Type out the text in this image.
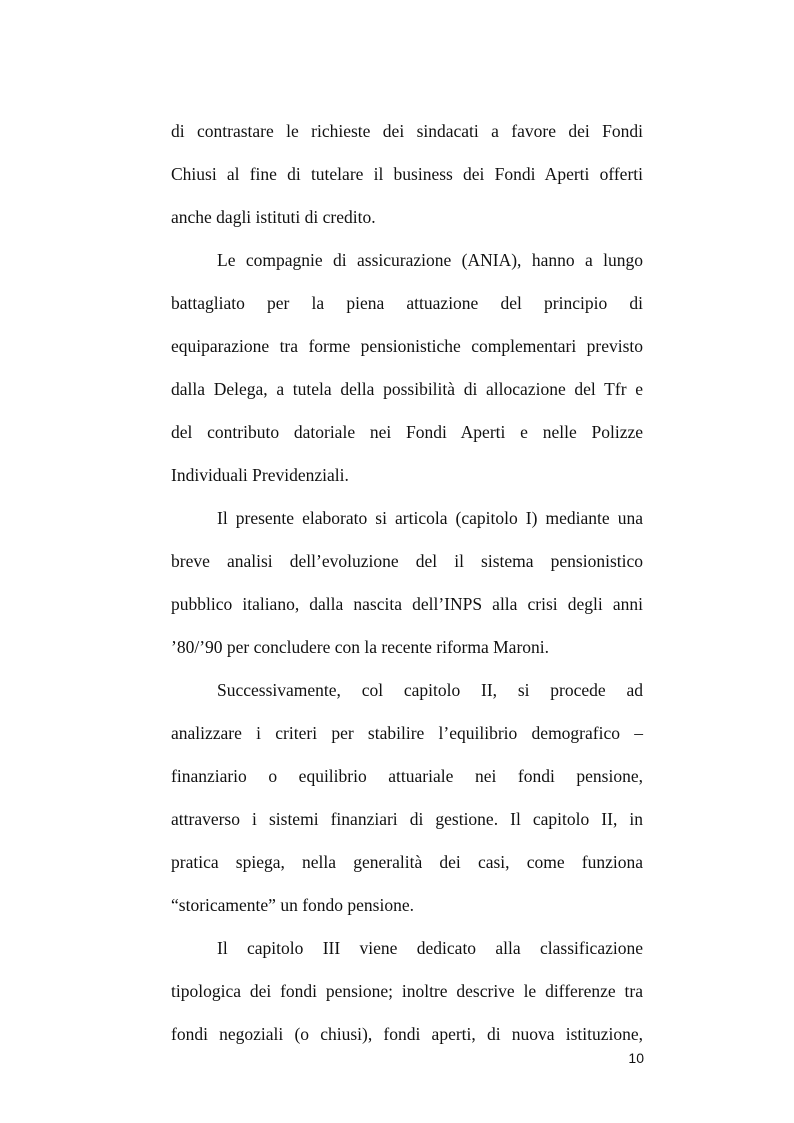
di contrastare le richieste dei sindacati a favore dei Fondi
Chiusi al fine di tutelare il business dei Fondi Aperti offerti
anche dagli istituti di credito.
Le compagnie di assicurazione (ANIA), hanno a lungo
battagliato per la piena attuazione del principio di
equiparazione tra forme pensionistiche complementari previsto
dalla Delega, a tutela della possibilità di allocazione del Tfr e
del contributo datoriale nei Fondi Aperti e nelle Polizze
Individuali Previdenziali.
Il presente elaborato si articola (capitolo I) mediante una
breve analisi dell’evoluzione del il sistema pensionistico
pubblico italiano, dalla nascita dell’INPS alla crisi degli anni
’80/’90 per concludere con la recente riforma Maroni.
Successivamente, col capitolo II, si procede ad
analizzare i criteri per stabilire l’equilibrio demografico –
finanziario o equilibrio attuariale nei fondi pensione,
attraverso i sistemi finanziari di gestione. Il capitolo II, in
pratica spiega, nella generalità dei casi, come funziona
“storicamente” un fondo pensione.
Il capitolo III viene dedicato alla classificazione
tipologica dei fondi pensione; inoltre descrive le differenze tra
fondi negoziali (o chiusi), fondi aperti, di nuova istituzione,
10
